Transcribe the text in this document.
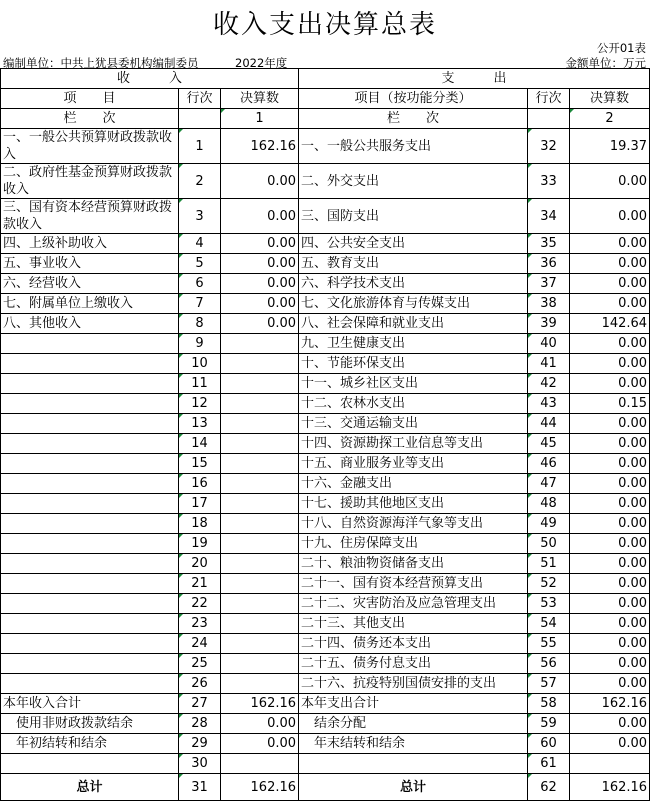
收入支出决算总表
公开01表
编制单位：中共上犹县委机构编制委员	2022年度	金额单位：万元
收　　　入			支　　　出		
项　　目	行次	决算数	项目（按功能分类）	行次	决算数
栏　　次		1	栏　　次		2
一、一般公共预算财政拨款收入	1	162.16	一、一般公共服务支出	32	19.37
二、政府性基金预算财政拨款收入	2	0.00	二、外交支出	33	0.00
三、国有资本经营预算财政拨款收入	3	0.00	三、国防支出	34	0.00
四、上级补助收入	4	0.00	四、公共安全支出	35	0.00
五、事业收入	5	0.00	五、教育支出	36	0.00
六、经营收入	6	0.00	六、科学技术支出	37	0.00
七、附属单位上缴收入	7	0.00	七、文化旅游体育与传媒支出	38	0.00
八、其他收入	8	0.00	八、社会保障和就业支出	39	142.64
	9		九、卫生健康支出	40	0.00
	10		十、节能环保支出	41	0.00
	11		十一、城乡社区支出	42	0.00
	12		十二、农林水支出	43	0.15
	13		十三、交通运输支出	44	0.00
	14		十四、资源勘探工业信息等支出	45	0.00
	15		十五、商业服务业等支出	46	0.00
	16		十六、金融支出	47	0.00
	17		十七、援助其他地区支出	48	0.00
	18		十八、自然资源海洋气象等支出	49	0.00
	19		十九、住房保障支出	50	0.00
	20		二十、粮油物资储备支出	51	0.00
	21		二十一、国有资本经营预算支出	52	0.00
	22		二十二、灾害防治及应急管理支出	53	0.00
	23		二十三、其他支出	54	0.00
	24		二十四、债务还本支出	55	0.00
	25		二十五、债务付息支出	56	0.00
	26		二十六、抗疫特别国债安排的支出	57	0.00
本年收入合计	27	162.16	本年支出合计	58	162.16
　使用非财政拨款结余	28	0.00	　结余分配	59	0.00
　年初结转和结余	29	0.00	　年末结转和结余	60	0.00
	30			61	
总计	31	162.16	总计	62	162.16
